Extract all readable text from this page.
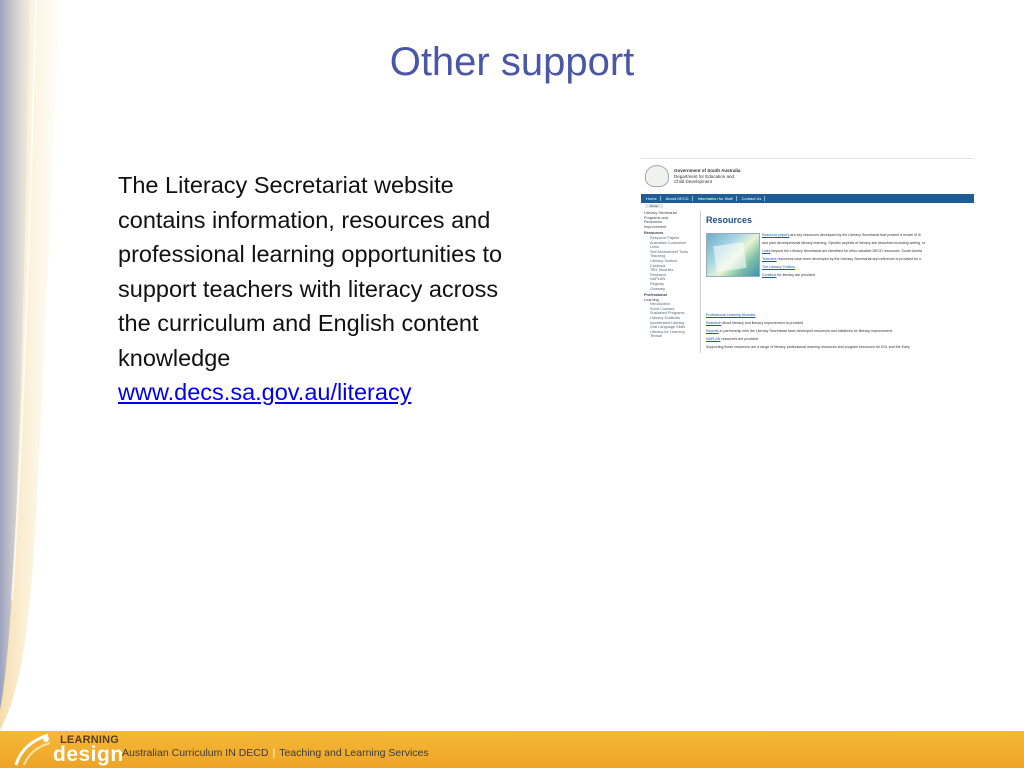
Other support
The Literacy Secretariat website
contains information, resources and
professional learning opportunities to
support teachers with literacy across
the curriculum and English content
knowledge
www.decs.sa.gov.au/literacy
Government of South Australia
Department for Education and
Child Development
Home	About DECD	Information for Staff	Contact Us
Home
Literacy Secretariat
Programs and
Resources
Improvement
Resources
Resource Papers
Australian Curriculum
Links
Self Assessment Tools
Teaching
Literacy Toolbox
Continua
TfEL Modules
Research
NAPLAN
Registry
Glossary
Professional
Learning
Introduction
Short Courses
Sustained Programs
Literacy Scaffolds
Accelerated Literacy
Oral Language Skills
Literacy for Learning
Textual
Resources
Resource papers are key resources developed by the Literacy Secretariat that present a model of lit
and plan developmental literacy learning. Specific aspects of literacy are described including writing, re
Links beyond the Literacy Secretariat are identified for other valuable DECD resources. South Austra
Teachers resources have been developed by the Literacy Secretariat and reference is provided for o
The Literacy Toolbox
Continua for literacy are provided
Professional Learning Modules
Research about literacy and literacy improvement is provided
Reports in partnership with the Literacy Secretariat have developed resources and initiatives for literacy improvement.
NAPLAN resources are provided.
Supporting these resources are a range of literacy professional learning resources and program resources for ESL and the Early
LEARNING
design
Australian Curriculum IN DECD | Teaching and Learning Services
